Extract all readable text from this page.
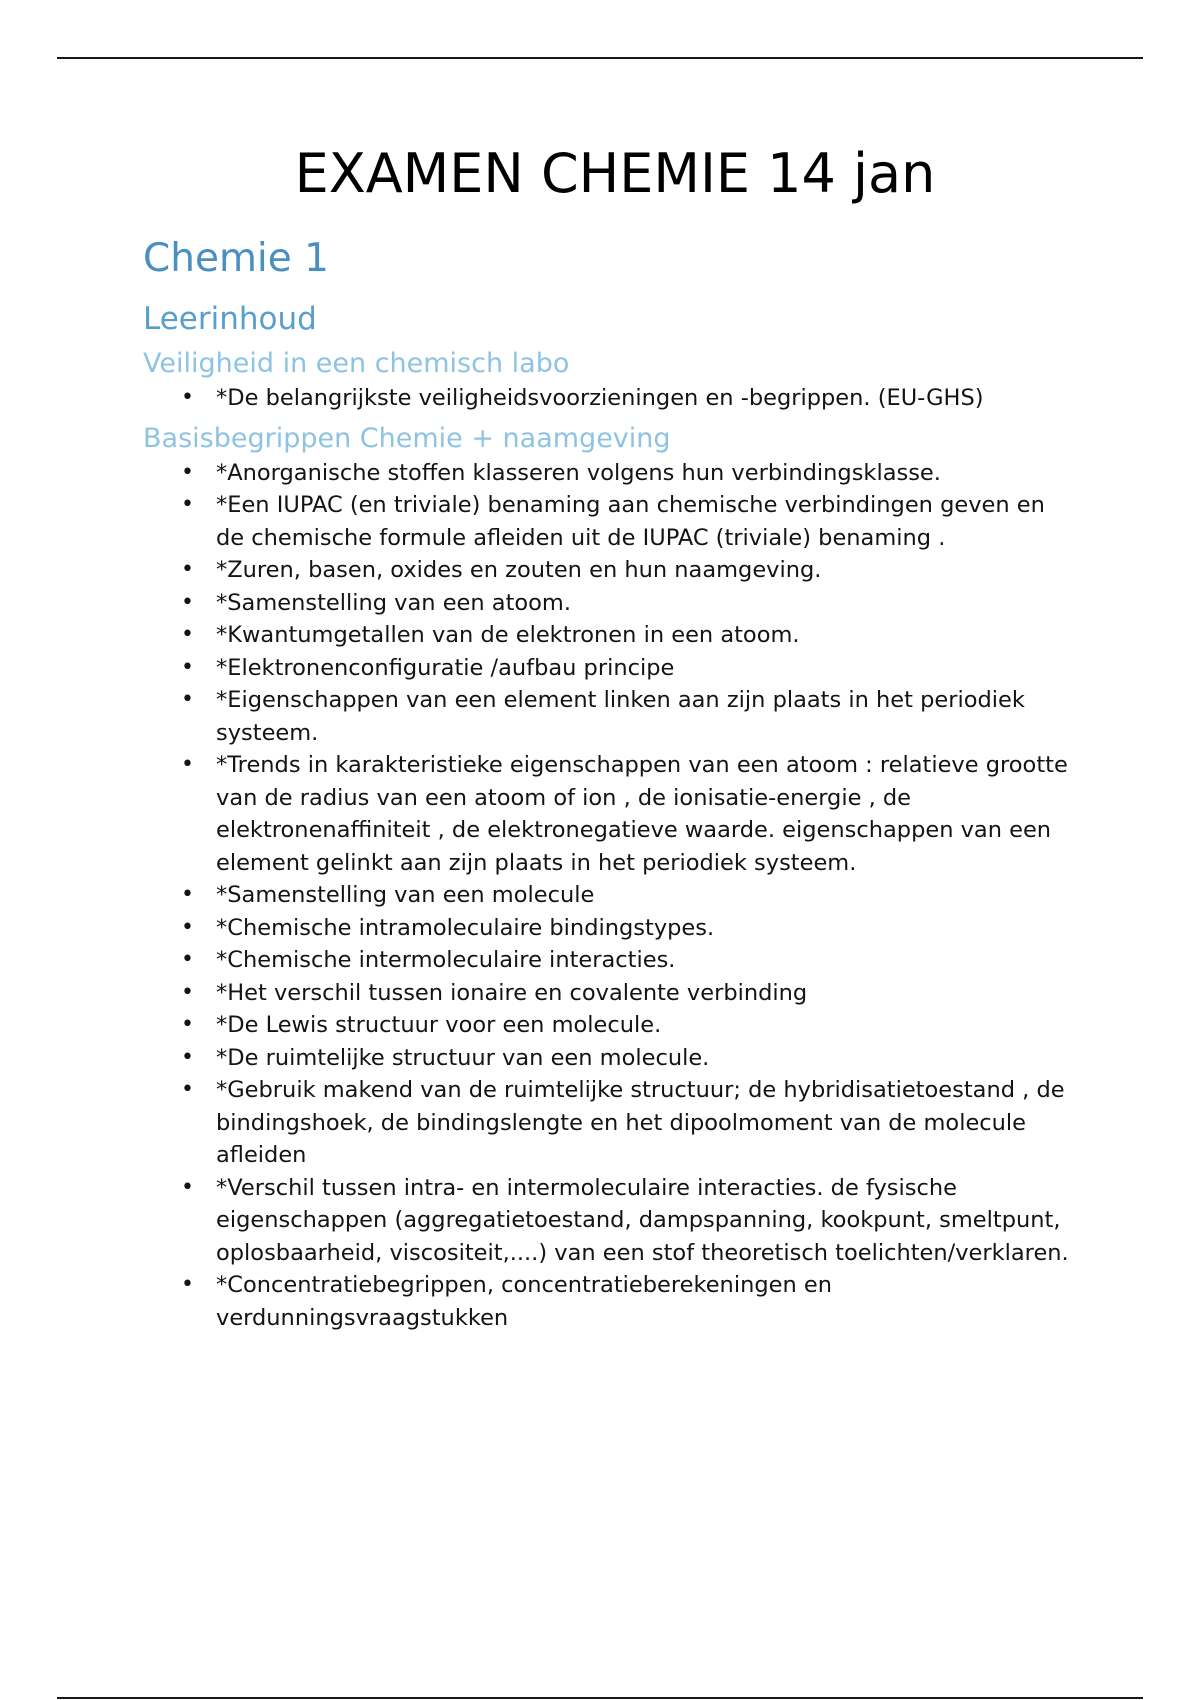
EXAMEN CHEMIE 14 jan
Chemie 1
Leerinhoud
Veiligheid in een chemisch labo
• *De belangrijkste veiligheidsvoorzieningen en -begrippen. (EU-GHS)
Basisbegrippen Chemie + naamgeving
• *Anorganische stoffen klasseren volgens hun verbindingsklasse.
• *Een IUPAC (en triviale) benaming aan chemische verbindingen geven en de chemische formule afleiden uit de IUPAC (triviale) benaming .
• *Zuren, basen, oxides en zouten en hun naamgeving.
• *Samenstelling van een atoom.
• *Kwantumgetallen van de elektronen in een atoom.
• *Elektronenconfiguratie /aufbau principe
• *Eigenschappen van een element linken aan zijn plaats in het periodiek systeem.
• *Trends in karakteristieke eigenschappen van een atoom : relatieve grootte van de radius van een atoom of ion , de ionisatie-energie , de elektronenaffiniteit , de elektronegatieve waarde. eigenschappen van een element gelinkt aan zijn plaats in het periodiek systeem.
• *Samenstelling van een molecule
• *Chemische intramoleculaire bindingstypes.
• *Chemische intermoleculaire interacties.
• *Het verschil tussen ionaire en covalente verbinding
• *De Lewis structuur voor een molecule.
• *De ruimtelijke structuur van een molecule.
• *Gebruik makend van de ruimtelijke structuur; de hybridisatietoestand , de bindingshoek, de bindingslengte en het dipoolmoment van de molecule afleiden
• *Verschil tussen intra- en intermoleculaire interacties. de fysische eigenschappen (aggregatietoestand, dampspanning, kookpunt, smeltpunt, oplosbaarheid, viscositeit,....) van een stof theoretisch toelichten/verklaren.
• *Concentratiebegrippen, concentratieberekeningen en verdunningsvraagstukken
